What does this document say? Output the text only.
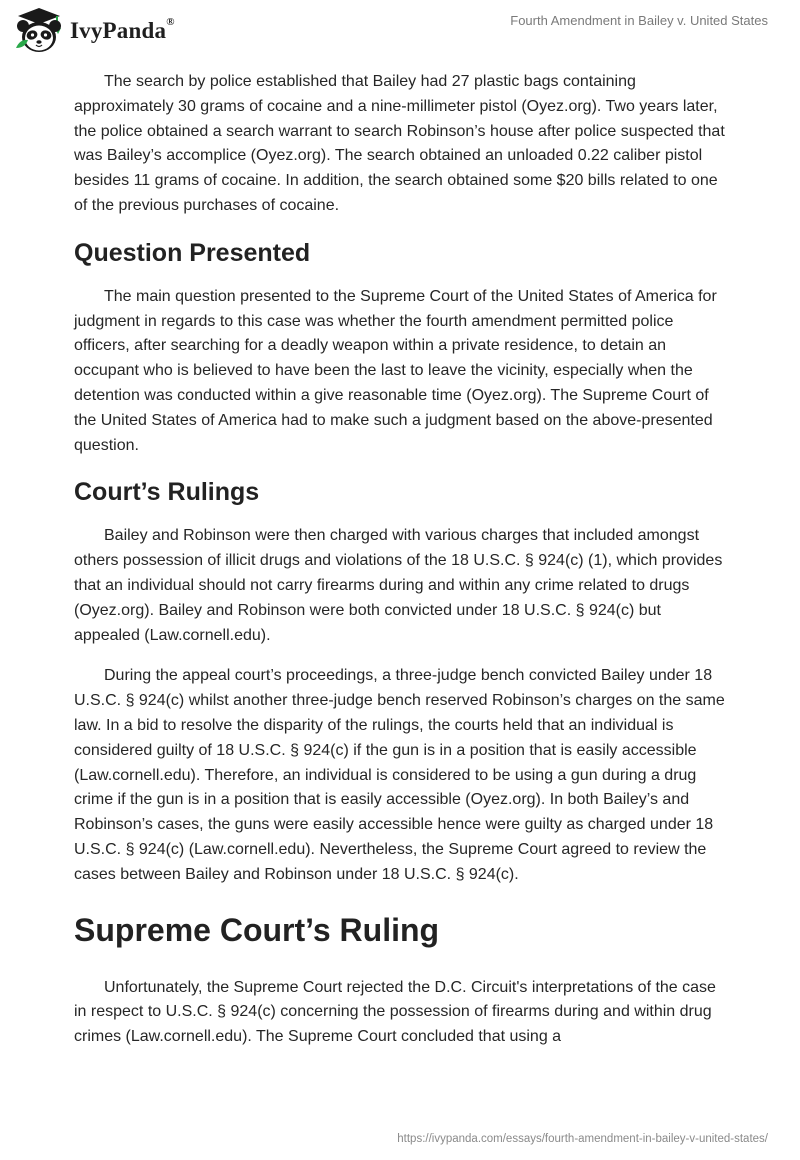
IvyPanda®	Fourth Amendment in Bailey v. United States

The search by police established that Bailey had 27 plastic bags containing approximately 30 grams of cocaine and a nine-millimeter pistol (Oyez.org). Two years later, the police obtained a search warrant to search Robinson’s house after police suspected that was Bailey’s accomplice (Oyez.org). The search obtained an unloaded 0.22 caliber pistol besides 11 grams of cocaine. In addition, the search obtained some $20 bills related to one of the previous purchases of cocaine.

Question Presented

The main question presented to the Supreme Court of the United States of America for judgment in regards to this case was whether the fourth amendment permitted police officers, after searching for a deadly weapon within a private residence, to detain an occupant who is believed to have been the last to leave the vicinity, especially when the detention was conducted within a give reasonable time (Oyez.org). The Supreme Court of the United States of America had to make such a judgment based on the above-presented question.

Court’s Rulings

Bailey and Robinson were then charged with various charges that included amongst others possession of illicit drugs and violations of the 18 U.S.C. § 924(c) (1), which provides that an individual should not carry firearms during and within any crime related to drugs (Oyez.org). Bailey and Robinson were both convicted under 18 U.S.C. § 924(c) but appealed (Law.cornell.edu).

During the appeal court’s proceedings, a three-judge bench convicted Bailey under 18 U.S.C. § 924(c) whilst another three-judge bench reserved Robinson’s charges on the same law. In a bid to resolve the disparity of the rulings, the courts held that an individual is considered guilty of 18 U.S.C. § 924(c) if the gun is in a position that is easily accessible (Law.cornell.edu). Therefore, an individual is considered to be using a gun during a drug crime if the gun is in a position that is easily accessible (Oyez.org). In both Bailey’s and Robinson’s cases, the guns were easily accessible hence were guilty as charged under 18 U.S.C. § 924(c) (Law.cornell.edu). Nevertheless, the Supreme Court agreed to review the cases between Bailey and Robinson under 18 U.S.C. § 924(c).

Supreme Court’s Ruling

Unfortunately, the Supreme Court rejected the D.C. Circuit's interpretations of the case in respect to U.S.C. § 924(c) concerning the possession of firearms during and within drug crimes (Law.cornell.edu). The Supreme Court concluded that using a

https://ivypanda.com/essays/fourth-amendment-in-bailey-v-united-states/
